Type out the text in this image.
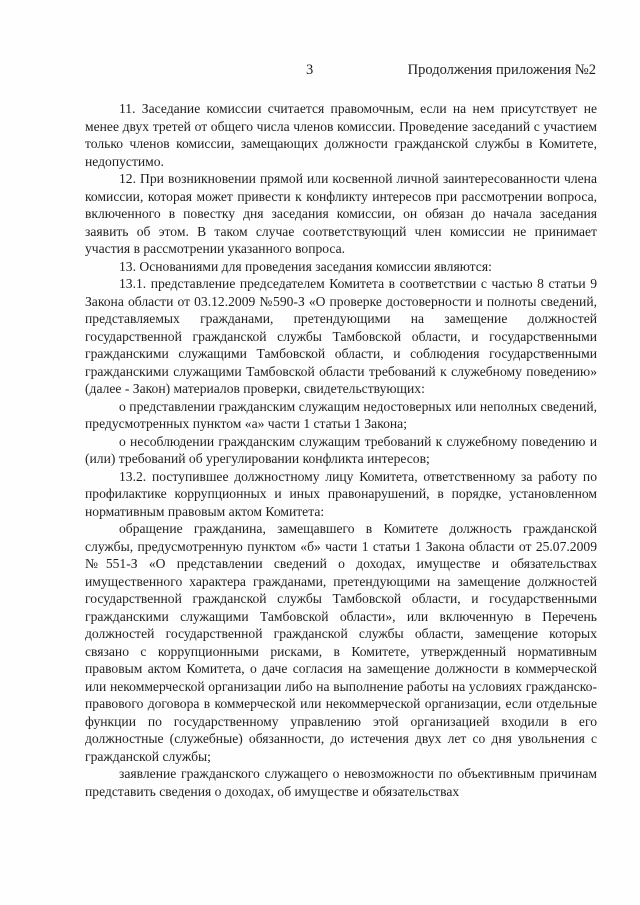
3	Продолжения приложения №2

11. Заседание комиссии считается правомочным, если на нем присутствует не менее двух третей от общего числа членов комиссии. Проведение заседаний с участием только членов комиссии, замещающих должности гражданской службы в Комитете, недопустимо.

12. При возникновении прямой или косвенной личной заинтересованности члена комиссии, которая может привести к конфликту интересов при рассмотрении вопроса, включенного в повестку дня заседания комиссии, он обязан до начала заседания заявить об этом. В таком случае соответствующий член комиссии не принимает участия в рассмотрении указанного вопроса.

13. Основаниями для проведения заседания комиссии являются:

13.1. представление председателем Комитета в соответствии с частью 8 статьи 9 Закона области от 03.12.2009 №590-З «О проверке достоверности и полноты сведений, представляемых гражданами, претендующими на замещение должностей государственной гражданской службы Тамбовской области, и государственными гражданскими служащими Тамбовской области, и соблюдения государственными гражданскими служащими Тамбовской области требований к служебному поведению» (далее - Закон) материалов проверки, свидетельствующих:

о представлении гражданским служащим недостоверных или неполных сведений, предусмотренных пунктом «а» части 1 статьи 1 Закона;

о несоблюдении гражданским служащим требований к служебному поведению и (или) требований об урегулировании конфликта интересов;

13.2. поступившее должностному лицу Комитета, ответственному за работу по профилактике коррупционных и иных правонарушений, в порядке, установленном нормативным правовым актом Комитета:

обращение гражданина, замещавшего в Комитете должность гражданской службы, предусмотренную пунктом «б» части 1 статьи 1 Закона области от 25.07.2009 №551-З «О представлении сведений о доходах, имуществе и обязательствах имущественного характера гражданами, претендующими на замещение должностей государственной гражданской службы Тамбовской области, и государственными гражданскими служащими Тамбовской области», или включенную в Перечень должностей государственной гражданской службы области, замещение которых связано с коррупционными рисками, в Комитете, утвержденный нормативным правовым актом Комитета, о даче согласия на замещение должности в коммерческой или некоммерческой организации либо на выполнение работы на условиях гражданско-правового договора в коммерческой или некоммерческой организации, если отдельные функции по государственному управлению этой организацией входили в его должностные (служебные) обязанности, до истечения двух лет со дня увольнения с гражданской службы;

заявление гражданского служащего о невозможности по объективным причинам представить сведения о доходах, об имуществе и обязательствах
